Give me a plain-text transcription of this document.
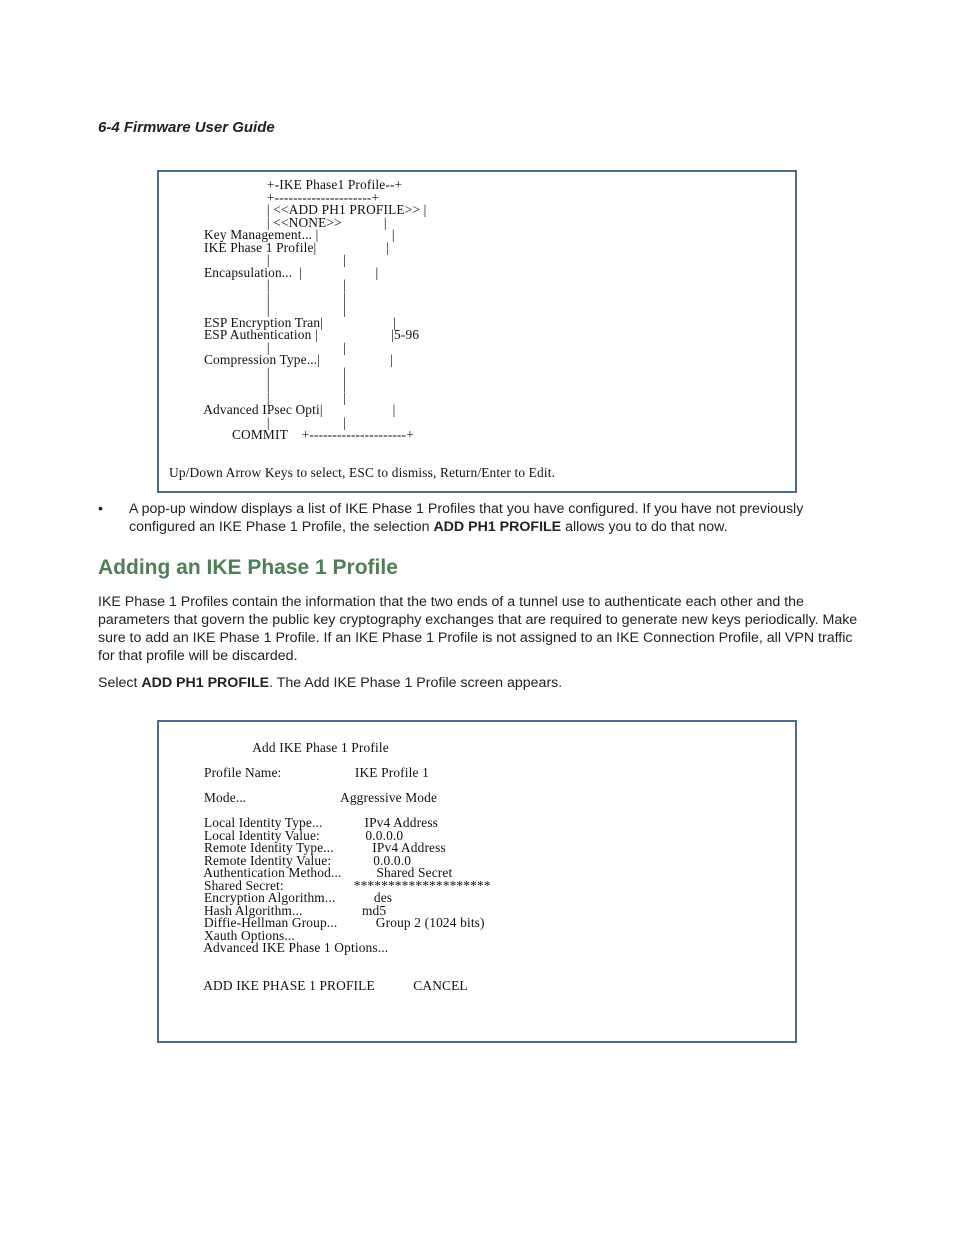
6-4 Firmware User Guide

+-IKE Phase1 Profile--+
+---------------------+
| <<ADD PH1 PROFILE>> |
| <<NONE>>            |
Key Management... |                     |
IKE Phase 1 Profile|                    |
|                     |
Encapsulation...  |                     |
|                     |
|                     |
|                     |
ESP Encryption Tran|                    |
ESP Authentication |                     |5-96
|                     |
Compression Type...|                    |
|                     |
|                     |
|                     |
Advanced IPsec Opti|                    |
|                     |
COMMIT    +---------------------+

Up/Down Arrow Keys to select, ESC to dismiss, Return/Enter to Edit.
• A pop-up window displays a list of IKE Phase 1 Profiles that you have configured. If you have not previously configured an IKE Phase 1 Profile, the selection ADD PH1 PROFILE allows you to do that now.
Adding an IKE Phase 1 Profile

IKE Phase 1 Profiles contain the information that the two ends of a tunnel use to authenticate each other and the parameters that govern the public key cryptography exchanges that are required to generate new keys periodically. Make sure to add an IKE Phase 1 Profile. If an IKE Phase 1 Profile is not assigned to an IKE Connection Profile, all VPN traffic for that profile will be discarded.

Select ADD PH1 PROFILE. The Add IKE Phase 1 Profile screen appears.

Add IKE Phase 1 Profile

Profile Name:                     IKE Profile 1

Mode...                           Aggressive Mode

Local Identity Type...            IPv4 Address
Local Identity Value:             0.0.0.0
Remote Identity Type...           IPv4 Address
Remote Identity Value:            0.0.0.0
Authentication Method...          Shared Secret
Shared Secret:                    ********************
Encryption Algorithm...           des
Hash Algorithm...                 md5
Diffie-Hellman Group...           Group 2 (1024 bits)
Xauth Options...
Advanced IKE Phase 1 Options...

ADD IKE PHASE 1 PROFILE           CANCEL
